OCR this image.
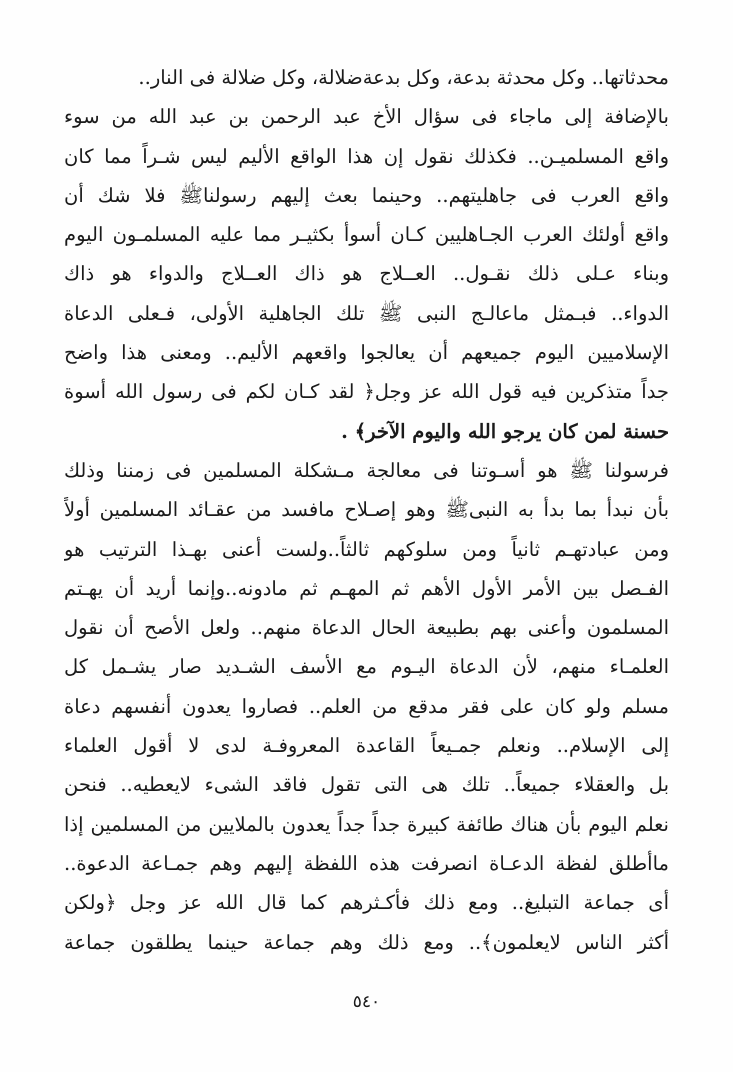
محدثاتها.. وكل محدثة بدعة، وكل بدعةضلالة، وكل ضلالة فى النار..
بالإضافة إلى ماجاء فى سؤال الأخ عبد الرحمن بن عبد الله من سوء
واقع المسلميـن.. فكذلك نقول إن هذا الواقع الأليم ليس شـراً مما كان
واقع العرب فى جاهليتهم.. وحينما بعث إليهم رسولناﷺ فلا شك أن
واقع أولئك العرب الجـاهليين كـان أسوأ بكثيـر مما عليه المسلمـون اليوم
وبناء عـلى ذلك نقـول.. العــلاج هو ذاك العــلاج والدواء هو ذاك
الدواء.. فبـمثل ماعالـج النبى ﷺ تلك الجاهلية الأولى، فـعلى الدعاة
الإسلاميين اليوم جميعهم أن يعالجوا واقعهم الأليم.. ومعنى هذا واضح
جداً متذكرين فيه قول الله عز وجل﴿ لقد كـان لكم فى رسول الله أسوة
حسنة لمن كان يرجو الله واليوم الآخر﴾ .
فرسولنا ﷺ هو أسـوتنا فى معالجة مـشكلة المسلمين فى زمننا وذلك
بأن نبدأ بما بدأ به النبىﷺ وهو إصـلاح مافسد من عقـائد المسلمين أولاً
ومن عبادتهـم ثانياً ومن سلوكهم ثالثاً..ولست أعنى بهـذا الترتيب هو
الفـصل بين الأمر الأول الأهم ثم المهـم ثم مادونه..وإنما أريد أن يهـتم
المسلمون وأعنى بهم بطبيعة الحال الدعاة منهم.. ولعل الأصح أن نقول
العلمـاء منهم، لأن الدعاة اليـوم مع الأسف الشـديد صار يشـمل كل
مسلم ولو كان على فقر مدقع من العلم.. فصاروا يعدون أنفسهم دعاة
إلى الإسلام.. ونعلم جمـيعاً القاعدة المعروفـة لدى لا أقول العلماء
بل والعقلاء جميعاً.. تلك هى التى تقول فاقد الشىء لايعطيه.. فنحن
نعلم اليوم بأن هناك طائفة كبيرة جداً جداً يعدون بالملايين من المسلمين إذا
ماأطلق لفظة الدعـاة انصرفت هذه اللفظة إليهم وهم جمـاعة الدعوة..
أى جماعة التبليغ.. ومع ذلك فأكـثرهم كما قال الله عز وجل ﴿ولكن
أكثر الناس لايعلمون﴾.. ومع ذلك وهم جماعة حينما يطلقون جماعة
٥٤٠
